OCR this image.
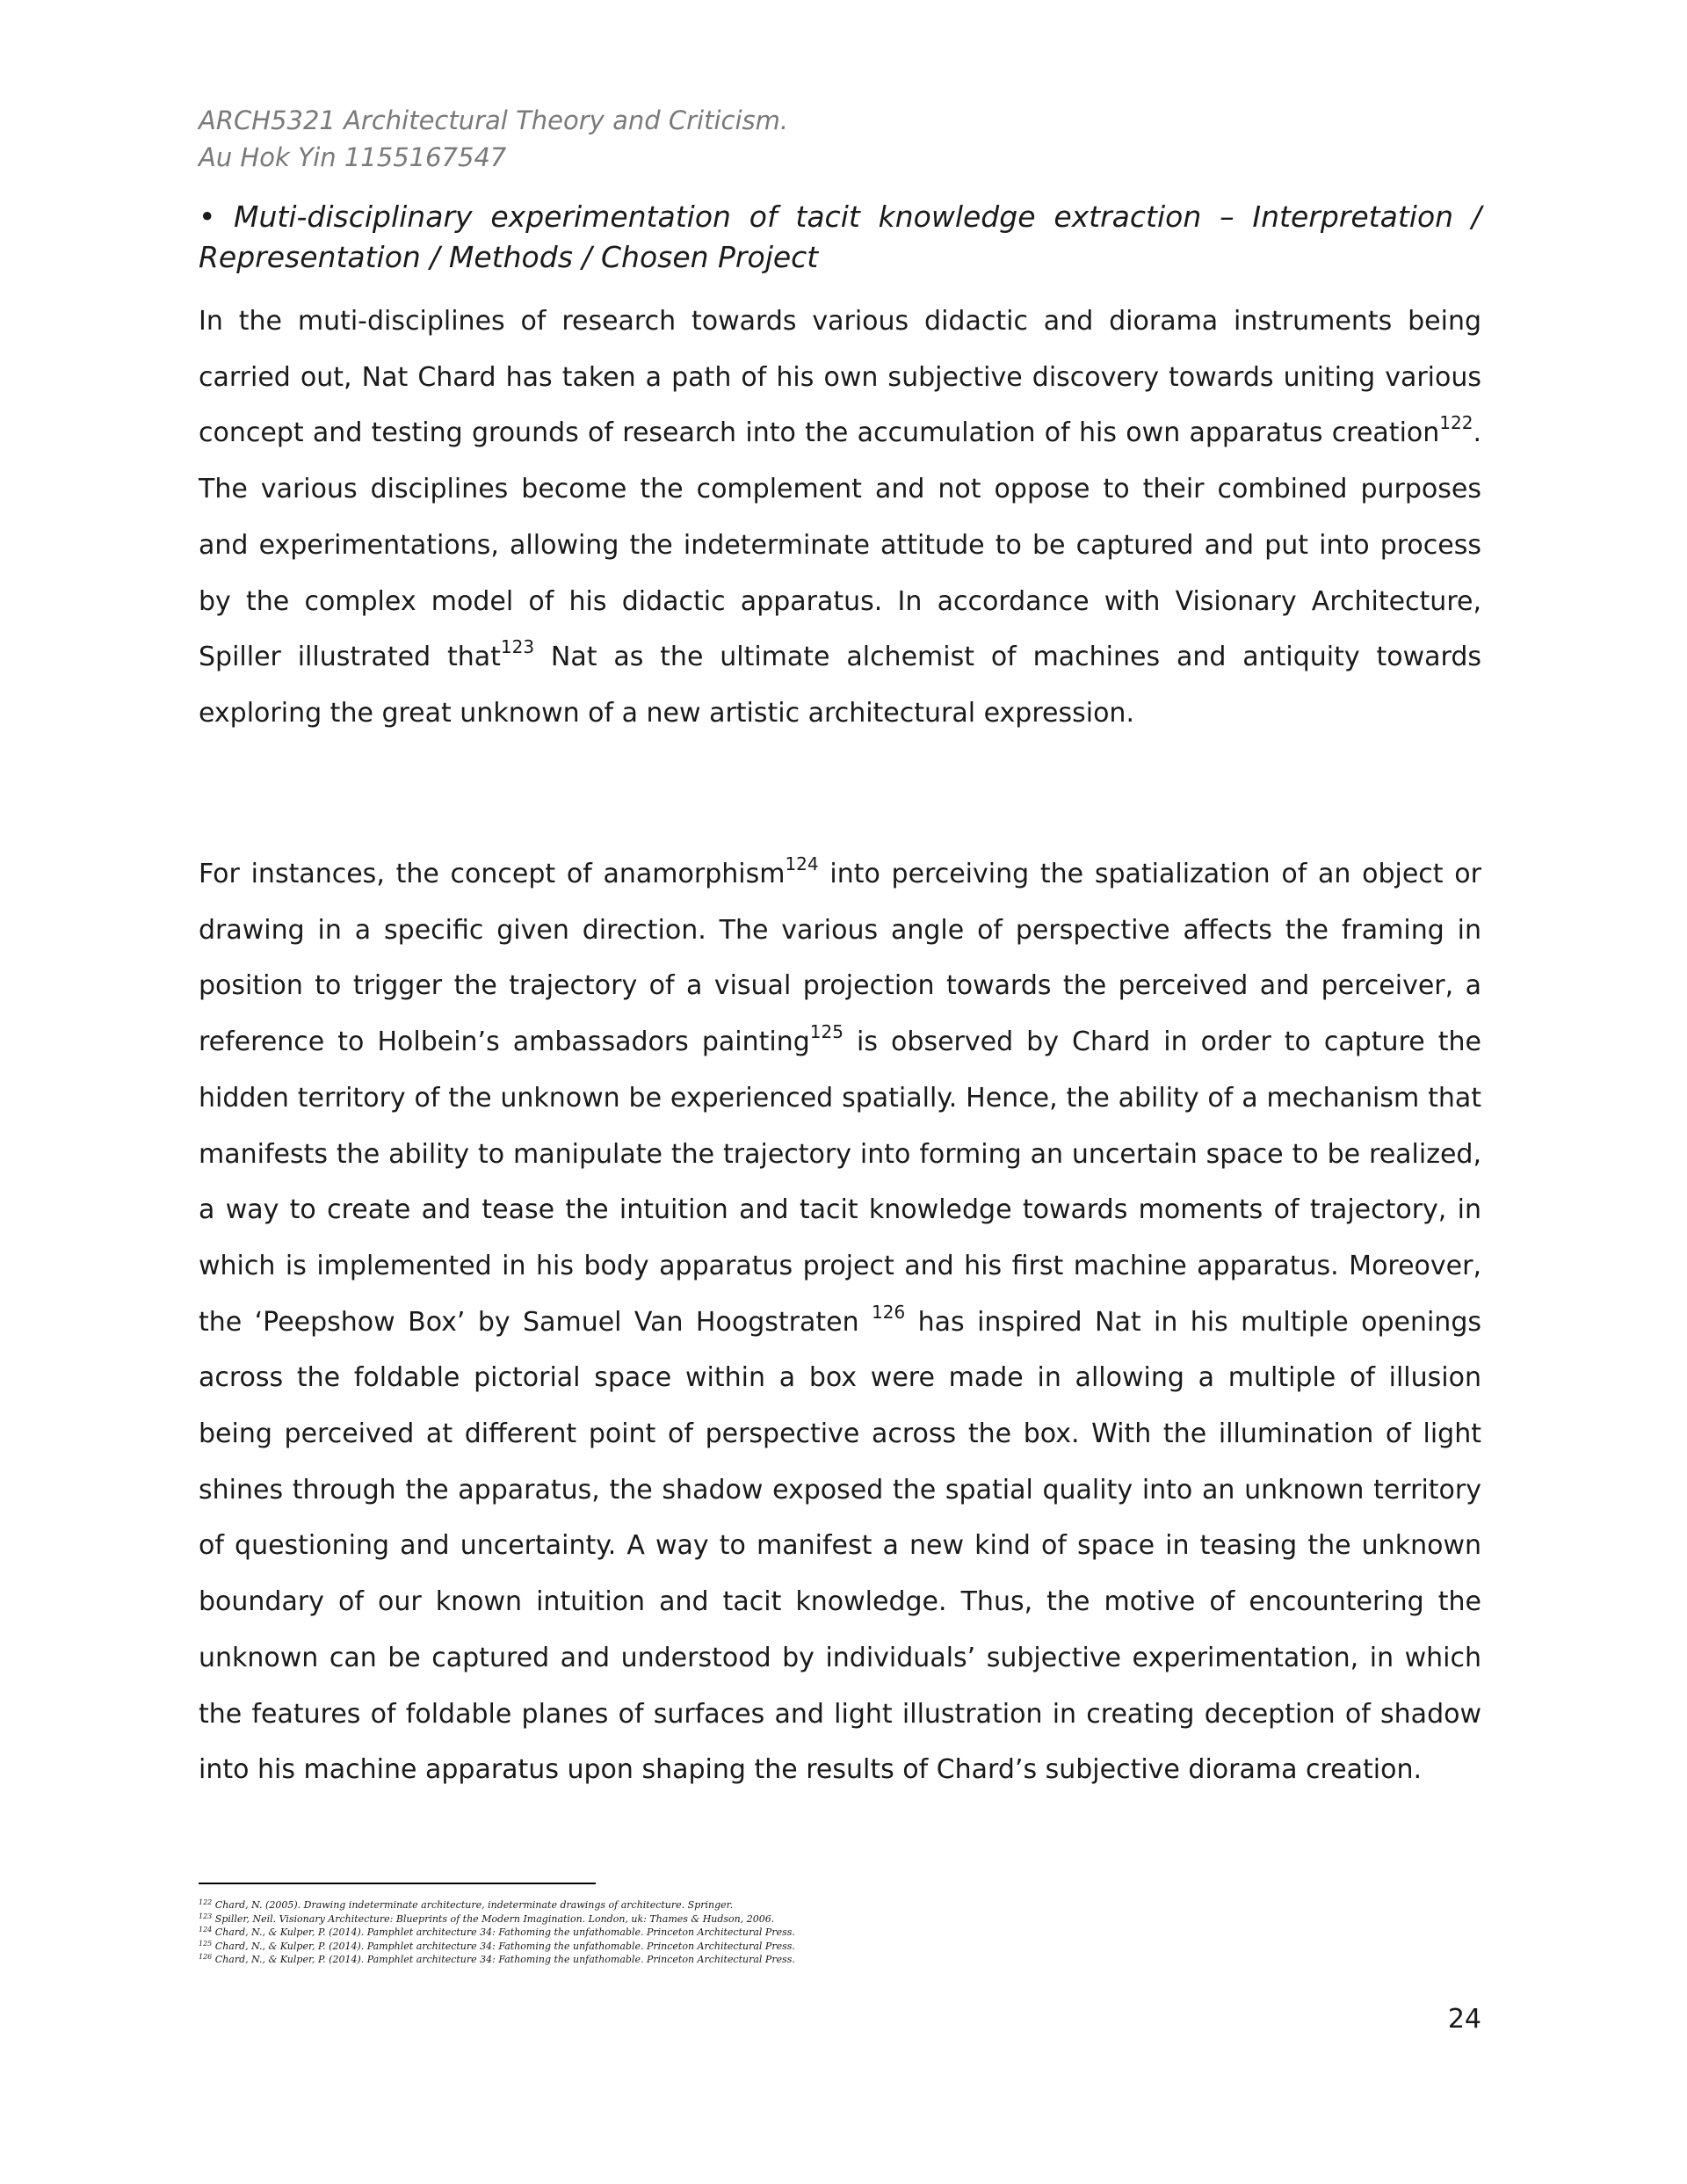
ARCH5321 Architectural Theory and Criticism.
Au Hok Yin 1155167547
• Muti-disciplinary experimentation of tacit knowledge extraction – Interpretation / Representation / Methods / Chosen Project

In the muti-disciplines of research towards various didactic and diorama instruments being carried out, Nat Chard has taken a path of his own subjective discovery towards uniting various concept and testing grounds of research into the accumulation of his own apparatus creation$^{122}$. The various disciplines become the complement and not oppose to their combined purposes and experimentations, allowing the indeterminate attitude to be captured and put into process by the complex model of his didactic apparatus. In accordance with Visionary Architecture, Spiller illustrated that$^{123}$ Nat as the ultimate alchemist of machines and antiquity towards exploring the great unknown of a new artistic architectural expression.

For instances, the concept of anamorphism$^{124}$ into perceiving the spatialization of an object or drawing in a specific given direction. The various angle of perspective affects the framing in position to trigger the trajectory of a visual projection towards the perceived and perceiver, a reference to Holbein’s ambassadors painting$^{125}$ is observed by Chard in order to capture the hidden territory of the unknown be experienced spatially. Hence, the ability of a mechanism that manifests the ability to manipulate the trajectory into forming an uncertain space to be realized, a way to create and tease the intuition and tacit knowledge towards moments of trajectory, in which is implemented in his body apparatus project and his first machine apparatus. Moreover, the ‘Peepshow Box’ by Samuel Van Hoogstraten $^{126}$ has inspired Nat in his multiple openings across the foldable pictorial space within a box were made in allowing a multiple of illusion being perceived at different point of perspective across the box. With the illumination of light shines through the apparatus, the shadow exposed the spatial quality into an unknown territory of questioning and uncertainty. A way to manifest a new kind of space in teasing the unknown boundary of our known intuition and tacit knowledge. Thus, the motive of encountering the unknown can be captured and understood by individuals’ subjective experimentation, in which the features of foldable planes of surfaces and light illustration in creating deception of shadow into his machine apparatus upon shaping the results of Chard’s subjective diorama creation.

$^{122}$ Chard, N. (2005). Drawing indeterminate architecture, indeterminate drawings of architecture. Springer.
$^{123}$ Spiller, Neil. Visionary Architecture: Blueprints of the Modern Imagination. London, uk: Thames & Hudson, 2006.
$^{124}$ Chard, N., & Kulper, P. (2014). Pamphlet architecture 34: Fathoming the unfathomable. Princeton Architectural Press.
$^{125}$ Chard, N., & Kulper, P. (2014). Pamphlet architecture 34: Fathoming the unfathomable. Princeton Architectural Press.
$^{126}$ Chard, N., & Kulper, P. (2014). Pamphlet architecture 34: Fathoming the unfathomable. Princeton Architectural Press.
24
